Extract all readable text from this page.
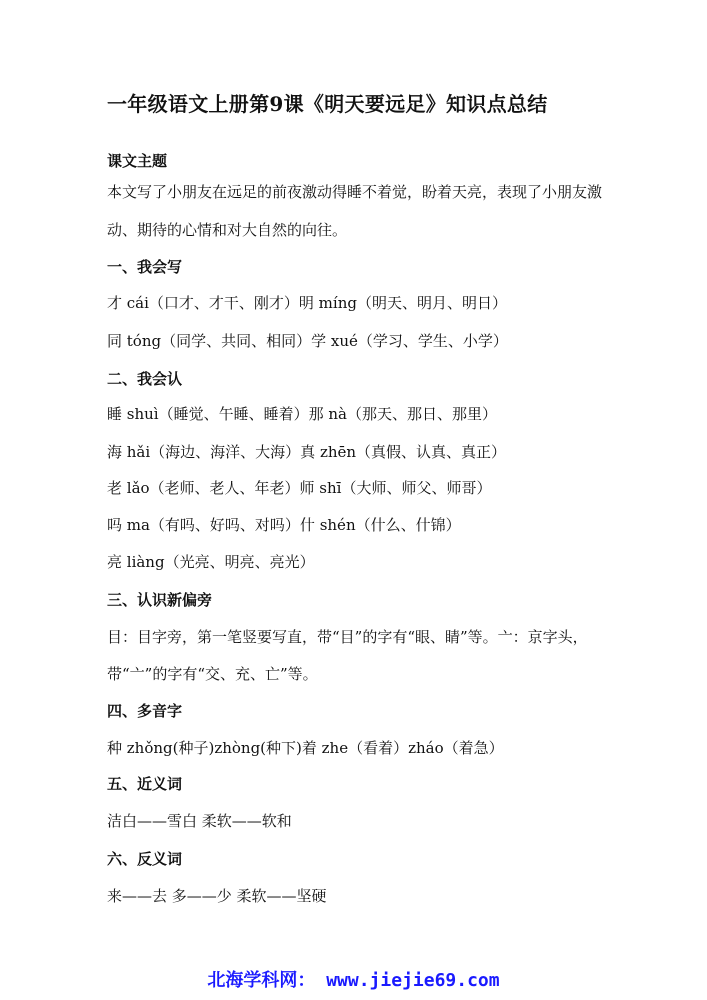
一年级语文上册第9课《明天要远足》知识点总结
课文主题
本文写了小朋友在远足的前夜激动得睡不着觉，盼着天亮，表现了小朋友激
动、期待的心情和对大自然的向往。
一、我会写
才 cái（口才、才干、刚才）明 míng（明天、明月、明日）
同 tóng（同学、共同、相同）学 xué（学习、学生、小学）
二、我会认
睡 shuì（睡觉、午睡、睡着）那 nà（那天、那日、那里）
海 hǎi（海边、海洋、大海）真 zhēn（真假、认真、真正）
老 lǎo（老师、老人、年老）师 shī（大师、师父、师哥）
吗 ma（有吗、好吗、对吗）什 shén（什么、什锦）
亮 liàng（光亮、明亮、亮光）
三、认识新偏旁
目：目字旁，第一笔竖要写直，带“目”的字有“眼、睛”等。亠：京字头，
带“亠”的字有“交、充、亡”等。
四、多音字
种 zhǒng(种子)zhòng(种下)着 zhe（看着）zháo（着急）
五、近义词
洁白——雪白 柔软——软和
六、反义词
来——去 多——少 柔软——坚硬
北海学科网： www.jiejie69.com
